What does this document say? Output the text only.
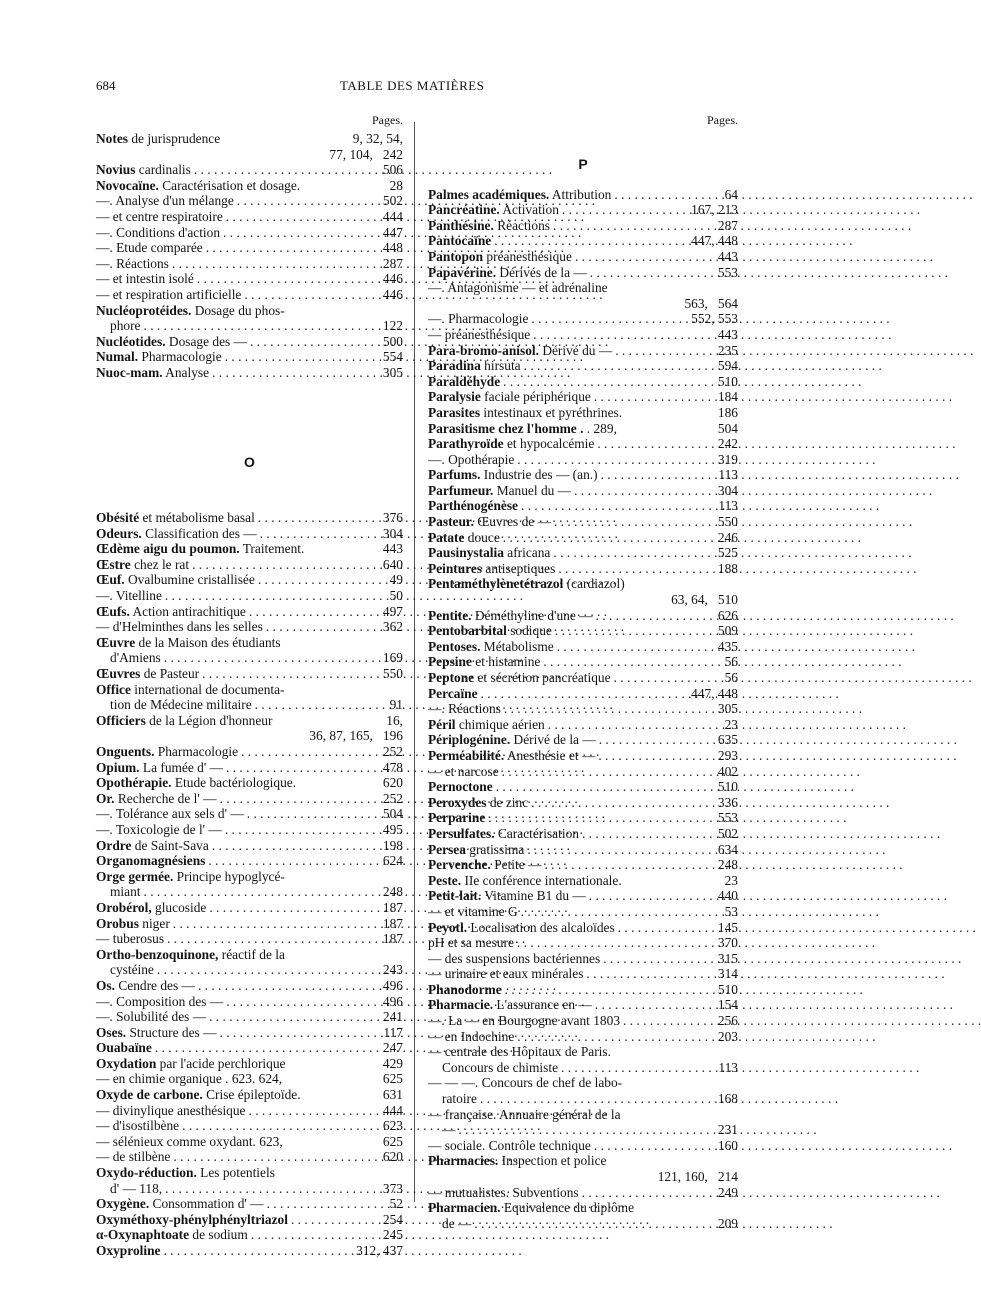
684	TABLE DES MATIÈRES
Pages.
Notes de jurisprudence	9, 32, 54,
77, 104, 242
Novius cardinalis . . .	506
Novocaïne. Caractérisation et dosage.	28
—. Analyse d'un mélange . . .	502
— et centre respiratoire . . .	444
—. Conditions d'action . . .	447
—. Etude comparée . . .	448
—. Réactions . . .	287
— et intestin isolé . . .	446
— et respiration artificielle . . .	446
Nucléoprotéides. Dosage du phos-
phore . . .	122
Nucléotides. Dosage des — . . .	500
Numal. Pharmacologie . . .	554
Nuoc-mam. Analyse . . .	305
O
Obésité et métabolisme basal . . .	376
Odeurs. Classification des — . . .	304
Œdème aigu du poumon. Traitement.	443
Œstre chez le rat . . .	640
Œuf. Ovalbumine cristallisée . . .	49
—. Vitelline . . .	50
Œufs. Action antirachitique . . .	497
— d'Helminthes dans les selles . . .	362
Œuvre de la Maison des étudiants
d'Amiens . . .	169
Œuvres de Pasteur . . .	550
Office international de documenta-
tion de Médecine militaire . . .	91
Officiers de la Légion d'honneur	16,
36, 87, 165, 196
Onguents. Pharmacologie . . .	252
Opium. La fumée d' — . . .	478
Opothérapie. Etude bactériologique.	620
Or. Recherche de l' — . . .	252
—. Tolérance aux sels d' — . . .	504
—. Toxicologie de l' — . . .	495
Ordre de Saint-Sava . . .	198
Organomagnésiens . . .	624
Orge germée. Principe hypoglycé-
miant . . .	248
Orobérol, glucoside . . .	187
Orobus niger . . .	187
— tuberosus . . .	187
Ortho-benzoquinone, réactif de la
cystéine . . .	243
Os. Cendre des — . . .	496
—. Composition des — . . .	496
—. Solubilité des — . . .	241
Oses. Structure des — . . .	117
Ouabaïne . . .	247
Oxydation par l'acide perchlorique	429
— en chimie organique . 623. 624,	625
Oxyde de carbone. Crise épileptoïde.	631
— divinylique anesthésique . . .	444
— d'isostilbène . . .	623
— sélénieux comme oxydant. 623,	625
— de stilbène . . .	620
Oxydo-réduction. Les potentiels
d' — 118, . . .	373
Oxygène. Consommation d' — . . .	52
Oxyméthoxy-phénylphényltriazol . . .	254
α-Oxynaphtoate de sodium . . .	245
Oxyproline . . .	312, 437
Pages.
P
Palmes académiques. Attribution . . .	64
Pancréatine. Activation . . .	167, 213
Panthésine. Réactions . . .	287
Pantocaïne . . .	447, 448
Pantopon préanesthésique . . .	443
Papavérine. Dérivés de la — . . .	553
—. Antagonisme — et adrénaline
563, 564
—. Pharmacologie . . .	552, 553
— préanesthésique . . .	443
Para-bromo-anisol. Dérivé du — . . .	235
Paradina hirsuta . . .	594
Paraldéhyde . . .	510
Paralysie faciale périphérique . . .	184
Parasites intestinaux et pyréthrines.	186
Parasitisme chez l'homme . . 289,	504
Parathyroïde et hypocalcémie . . .	242
—. Opothérapie . . .	319
Parfums. Industrie des — (an.) . . .	113
Parfumeur. Manuel du — . . .	304
Parthénogénèse . . .	113
Pasteur. Œuvres de — . . .	550
Patate douce . . .	246
Pausinystalia africana . . .	525
Peintures antiseptiques . . .	188
Pentaméthylènetétrazol (cardiazol)
63, 64, 510
Pentite. Déméthyline d'une — . . .	626
Pentobarbital sodique . . .	509
Pentoses. Métabolisme . . .	435
Pepsine et histamine . . .	56
Peptone et sécrétion pancréatique . . .	56
Percaïne . . .	447, 448
—. Réactions . . .	305
Péril chimique aérien . . .	23
Périplogénine. Dérivé de la — . . .	635
Perméabilité. Anesthésie et — . . .	293
— et narcose . . .	402
Pernoctone . . .	510
Peroxydes de zinc . . .	336
Perparine . . .	553
Persulfates. Caractérisation . . .	502
Persea gratissima . . .	634
Pervenche. Petite — . . .	248
Peste. IIe conférence internationale.	23
Petit-lait. Vitamine B1 du — . . .	440
— et vitamine G . . .	53
Peyotl. Localisation des alcaloïdes . . .	145
pH et sa mesure . . .	370
— des suspensions bactériennes . . .	315
— urinaire et eaux minérales . . .	314
Phanodorme . . .	510
Pharmacie. L'assurance en — . . .	154
—. La — en Bourgogne avant 1803 . . .	256
— en Indochine . . .	203
— centrale des Hôpitaux de Paris.
Concours de chimiste . . .	113
— — —. Concours de chef de labo-
ratoire . . .	168
— française. Annuaire général de la
— . . .	231
— sociale. Contrôle technique . . .	160
Pharmacies. Inspection et police
121, 160, 214
— mutualistes. Subventions . . .	249
Pharmacien. Equivalence du diplôme
de — . . .	209
